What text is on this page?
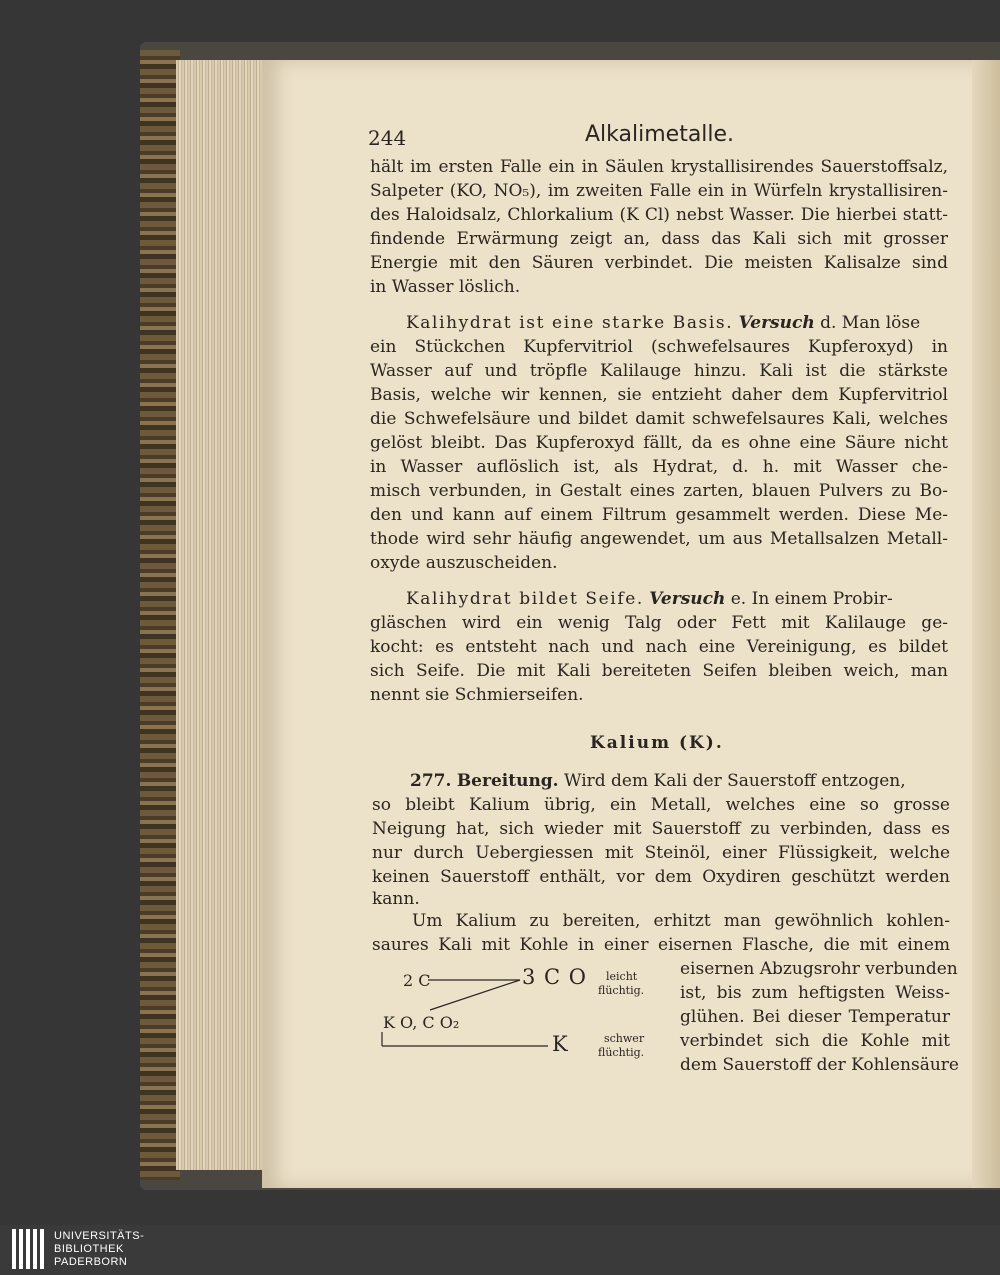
244	Alkalimetalle.
hält im ersten Falle ein in Säulen krystallisirendes Sauerstoffsalz,
Salpeter (KO, NO₅), im zweiten Falle ein in Würfeln krystallisiren-
des Haloidsalz, Chlorkalium (K Cl) nebst Wasser. Die hierbei statt-
findende Erwärmung zeigt an, dass das Kali sich mit grosser
Energie mit den Säuren verbindet. Die meisten Kalisalze sind
in Wasser löslich.
Kalihydrat ist eine starke Basis. Versuch d. Man löse
ein Stückchen Kupfervitriol (schwefelsaures Kupferoxyd) in
Wasser auf und tröpfle Kalilauge hinzu. Kali ist die stärkste
Basis, welche wir kennen, sie entzieht daher dem Kupfervitriol
die Schwefelsäure und bildet damit schwefelsaures Kali, welches
gelöst bleibt. Das Kupferoxyd fällt, da es ohne eine Säure nicht
in Wasser auflöslich ist, als Hydrat, d. h. mit Wasser che-
misch verbunden, in Gestalt eines zarten, blauen Pulvers zu Bo-
den und kann auf einem Filtrum gesammelt werden. Diese Me-
thode wird sehr häufig angewendet, um aus Metallsalzen Metall-
oxyde auszuscheiden.
Kalihydrat bildet Seife. Versuch e. In einem Probir-
gläschen wird ein wenig Talg oder Fett mit Kalilauge ge-
kocht: es entsteht nach und nach eine Vereinigung, es bildet
sich Seife. Die mit Kali bereiteten Seifen bleiben weich, man
nennt sie Schmierseifen.
Kalium (K).
277. Bereitung. Wird dem Kali der Sauerstoff entzogen,
so bleibt Kalium übrig, ein Metall, welches eine so grosse
Neigung hat, sich wieder mit Sauerstoff zu verbinden, dass es
nur durch Uebergiessen mit Steinöl, einer Flüssigkeit, welche
keinen Sauerstoff enthält, vor dem Oxydiren geschützt werden
kann.
Um Kalium zu bereiten, erhitzt man gewöhnlich kohlen-
saures Kali mit Kohle in einer eisernen Flasche, die mit einem
eisernen Abzugsrohr verbunden
ist, bis zum heftigsten Weiss-
glühen. Bei dieser Temperatur
verbindet sich die Kohle mit
dem Sauerstoff der Kohlensäure
2 C	3 C O leicht
flüchtig.
K O, C O₂
K	schwer
flüchtig.
UNIVERSITÄTS-
BIBLIOTHEK
PADERBORN
